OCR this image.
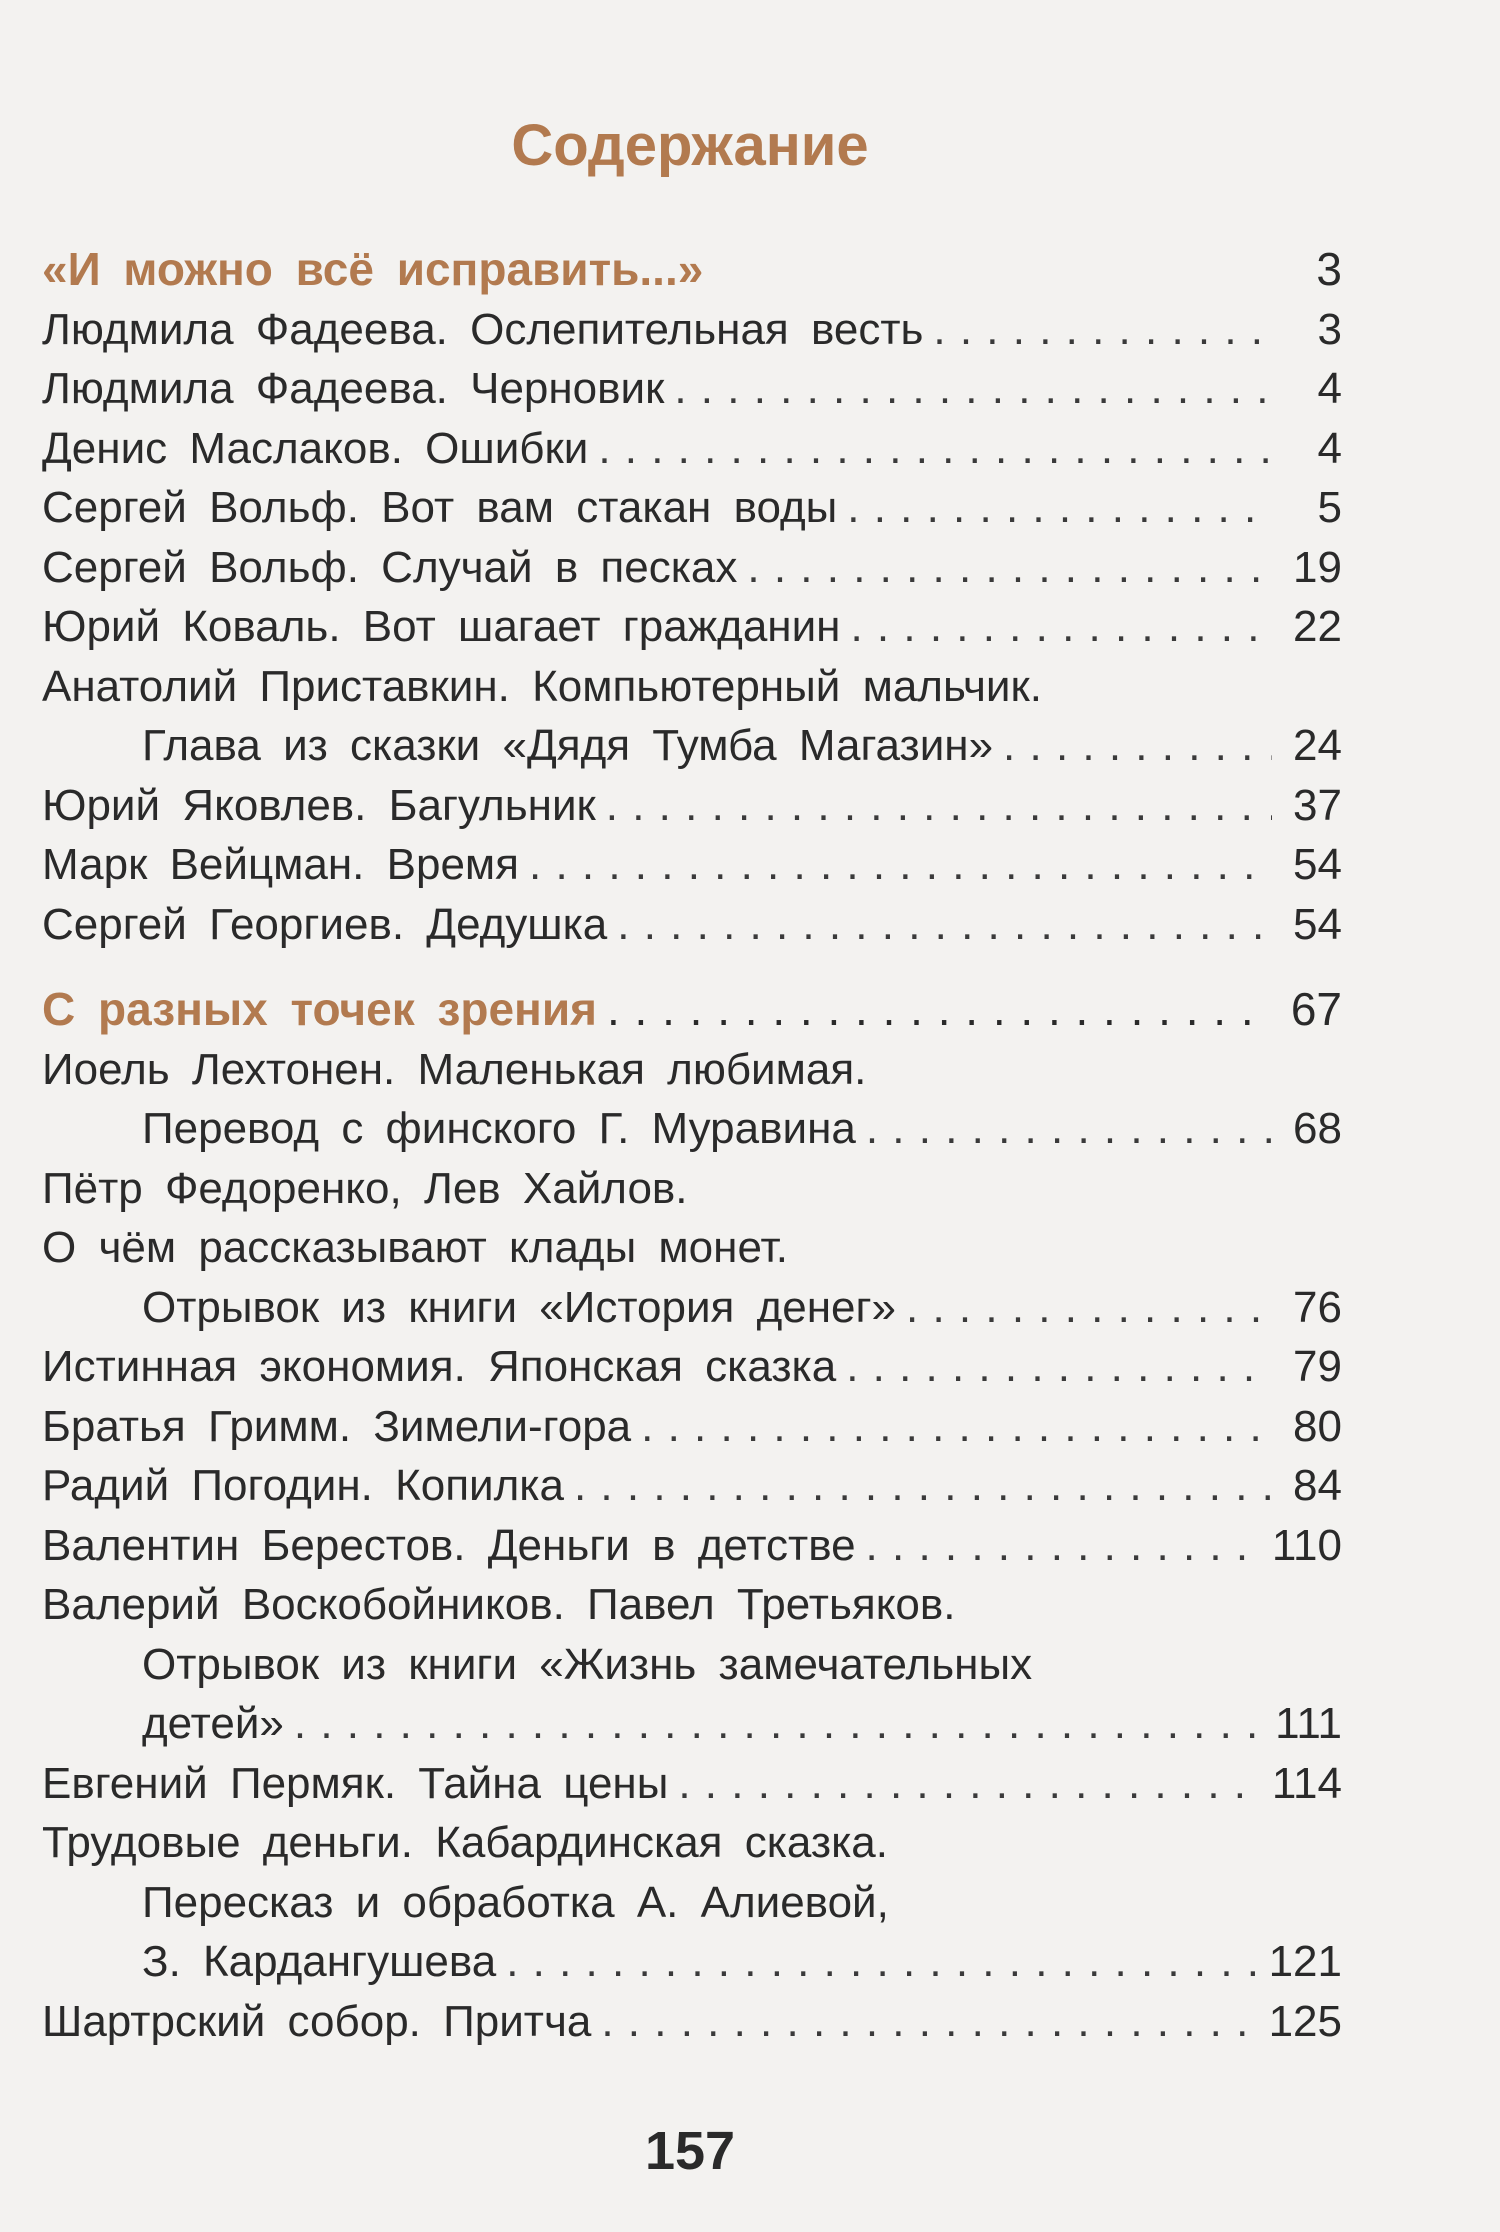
Содержание
«И можно всё исправить...»	3
Людмила Фадеева. Ослепительная весть . . .	3
Людмила Фадеева. Черновик . . .	4
Денис Маслаков. Ошибки . . .	4
Сергей Вольф. Вот вам стакан воды . . .	5
Сергей Вольф. Случай в песках . . .	19
Юрий Коваль. Вот шагает гражданин . . .	22
Анатолий Приставкин. Компьютерный мальчик.
Глава из сказки «Дядя Тумба Магазин» . . .	24
Юрий Яковлев. Багульник . . .	37
Марк Вейцман. Время . . .	54
Сергей Георгиев. Дедушка . . .	54
С разных точек зрения . . .	67
Иоель Лехтонен. Маленькая любимая.
Перевод с финского Г. Муравина . . .	68
Пётр Федоренко, Лев Хайлов.
О чём рассказывают клады монет.
Отрывок из книги «История денег» . . .	76
Истинная экономия. Японская сказка . . .	79
Братья Гримм. Зимели-гора . . .	80
Радий Погодин. Копилка . . .	84
Валентин Берестов. Деньги в детстве . . .	110
Валерий Воскобойников. Павел Третьяков.
Отрывок из книги «Жизнь замечательных
детей» . . .	111
Евгений Пермяк. Тайна цены . . .	114
Трудовые деньги. Кабардинская сказка.
Пересказ и обработка А. Алиевой,
З. Кардангушева . . .	121
Шартрский собор. Притча . . .	125
157
